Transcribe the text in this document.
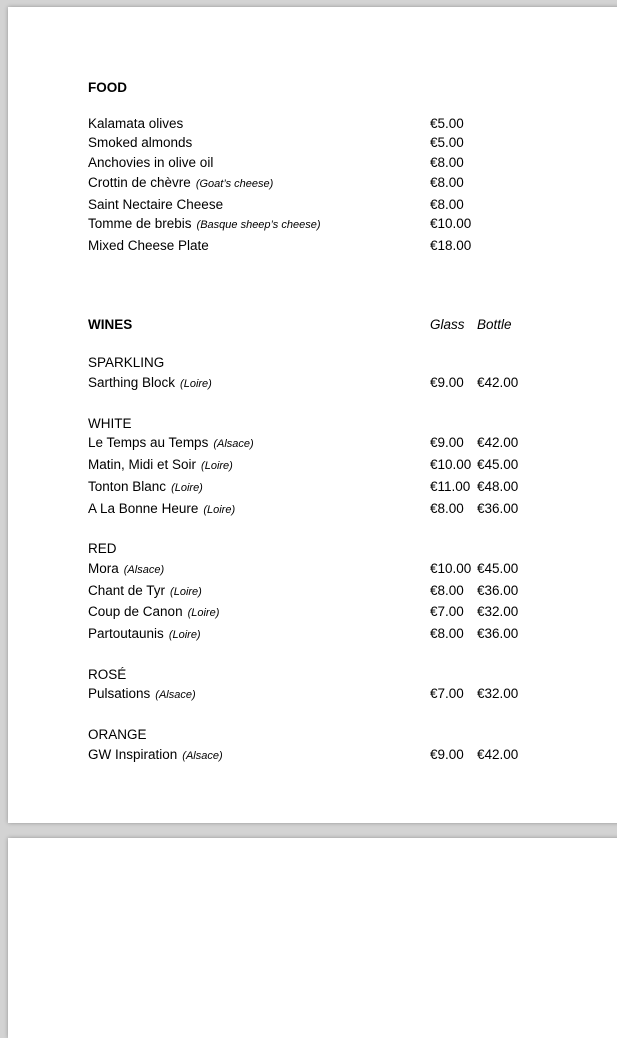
FOOD
Kalamata olives	€5.00
Smoked almonds	€5.00
Anchovies in olive oil	€8.00
Crottin de chèvre (Goat’s cheese)	€8.00
Saint Nectaire Cheese	€8.00
Tomme de brebis (Basque sheep’s cheese)	€10.00
Mixed Cheese Plate	€18.00
WINES	Glass Bottle
SPARKLING
Sarthing Block (Loire)	€9.00 €42.00
WHITE
Le Temps au Temps (Alsace)	€9.00 €42.00
Matin, Midi et Soir (Loire)	€10.00 €45.00
Tonton Blanc (Loire)	€11.00 €48.00
A La Bonne Heure (Loire)	€8.00 €36.00
RED
Mora (Alsace)	€10.00 €45.00
Chant de Tyr (Loire)	€8.00 €36.00
Coup de Canon (Loire)	€7.00 €32.00
Partoutaunis (Loire)	€8.00 €36.00
ROSÉ
Pulsations (Alsace)	€7.00 €32.00
ORANGE
GW Inspiration (Alsace)	€9.00 €42.00
